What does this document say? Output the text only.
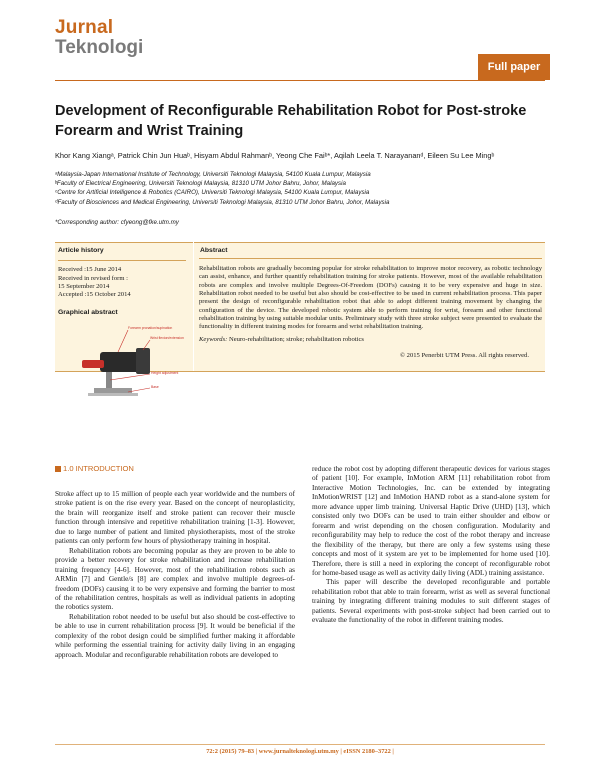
Jurnal
Teknologi
Full paper
Development of Reconfigurable Rehabilitation Robot for Post-stroke Forearm and Wrist Training
Khor Kang Xiangᵃ, Patrick Chin Jun Huaᵇ, Hisyam Abdul Rahmanᵇ, Yeong Che Faiᵇ*, Aqilah Leela T. Narayananᵈ, Eileen Su Lee Mingᵇ
ᵃMalaysia-Japan International Institute of Technology, Universiti Teknologi Malaysia, 54100 Kuala Lumpur, Malaysia
ᵇFaculty of Electrical Engineering, Universiti Teknologi Malaysia, 81310 UTM Johor Bahru, Johor, Malaysia
ᶜCentre for Artificial Intelligence & Robotics (CAIRO), Universiti Teknologi Malaysia, 54100 Kuala Lumpur, Malaysia
ᵈFaculty of Biosciences and Medical Engineering, Universiti Teknologi Malaysia, 81310 UTM Johor Bahru, Johor, Malaysia
*Corresponding author: cfyeong@fke.utm.my
Article history
Received :15 June 2014
Received in revised form :
15 September 2014
Accepted :15 October 2014
Graphical abstract
Forearm pronation/supination
Wrist flexion/extension
Height adjustment
Base
Abstract
Rehabilitation robots are gradually becoming popular for stroke rehabilitation to improve motor recovery, as robotic technology can assist, enhance, and further quantify rehabilitation training for stroke patients. However, most of the available rehabilitation robots are complex and involve multiple Degrees-Of-Freedom (DOFs) causing it to be very expensive and huge in size. Rehabilitation robot needed to be useful but also should be cost-effective to be used in current rehabilitation process. This paper present the design of reconfigurable rehabilitation robot that able to adopt different training movement by changing the configuration of the device. The developed robotic system able to perform training for wrist, forearm and other functional rehabilitation training by using suitable modular units. Preliminary study with three stroke subject were presented to evaluate the functionality in different training modes for forearm and wrist rehabilitation training.
Keywords: Neuro-rehabilitation; stroke; rehabilitation robotics
© 2015 Penerbit UTM Press. All rights reserved.
1.0 INTRODUCTION

Stroke affect up to 15 million of people each year worldwide and the numbers of stroke patient is on the rise every year. Based on the concept of neuroplasticity, the brain will reorganize itself and stroke patient can recover their muscle function through intensive and repetitive rehabilitation training [1-3]. However, due to large number of patient and limited physiotherapists, most of the stroke patients can only perform few hours of physiotherapy training in hospital.

Rehabilitation robots are becoming popular as they are proven to be able to provide a better recovery for stroke rehabilitation and increase rehabilitation training frequency [4-6]. However, most of the rehabilitation robots such as ARMin [7] and Gentle/s [8] are complex and involve multiple degrees-of-freedom (DOFs) causing it to be very expensive and forming the barrier to most of the rehabilitation centres, hospitals as well as individual patients in adopting the robotics system.

Rehabilitation robot needed to be useful but also should be cost-effective to be able to use in current rehabilitation process [9]. It would be beneficial if the complexity of the robot design could be simplified further making it affordable while performing the essential training for activity daily living in an engaging approach. Modular and reconfigurable rehabilitation robots are developed to

reduce the robot cost by adopting different therapeutic devices for various stages of patient [10]. For example, InMotion ARM [11] rehabilitation robot from Interactive Motion Technologies, Inc. can be extended by integrating InMotionWRIST [12] and InMotion HAND robot as a stand-alone system for more advance upper limb training. Universal Haptic Drive (UHD) [13], which consisted only two DOFs can be used to train either shoulder and elbow or forearm and wrist depending on the chosen configuration. Modularity and reconfigurability may help to reduce the cost of the robot therapy and increase the flexibility of the therapy, but there are only a few systems using these concepts and most of it system are yet to be implemented for home used [10]. Therefore, there is still a need in exploring the concept of reconfigurable robot for home-based usage as well as activity daily living (ADL) training assistance.

This paper will describe the developed reconfigurable and portable rehabilitation robot that able to train forearm, wrist as well as several functional training by integrating different training modules to suit different stages of patients. Several experiments with post-stroke subject had been carried out to evaluate the functionality of the robot in different training modes.

72:2 (2015) 79–83 | www.jurnalteknologi.utm.my | eISSN 2180–3722 |
